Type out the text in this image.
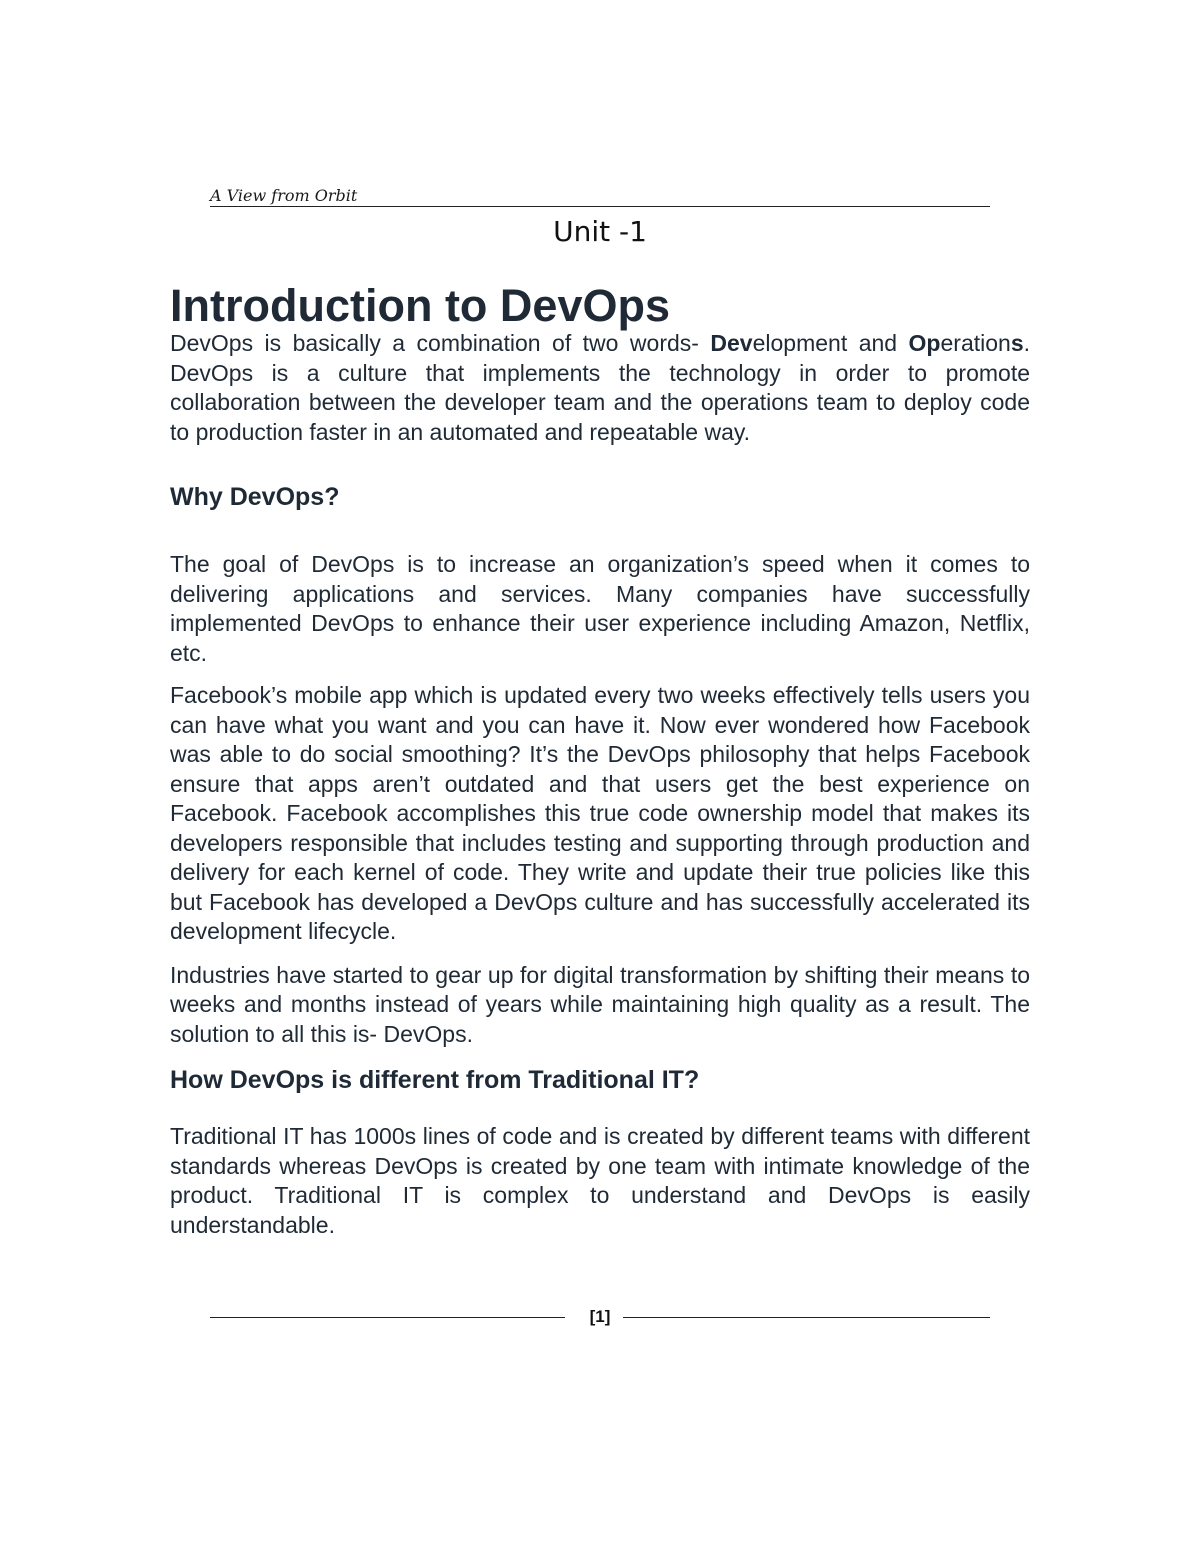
A View from Orbit
Unit -1
Introduction to DevOps

DevOps is basically a combination of two words- Development and Operations. DevOps is a culture that implements the technology in order to promote collaboration between the developer team and the operations team to deploy code to production faster in an automated and repeatable way.

Why DevOps?

The goal of DevOps is to increase an organization’s speed when it comes to delivering applications and services. Many companies have successfully implemented DevOps to enhance their user experience including Amazon, Netflix, etc.

Facebook’s mobile app which is updated every two weeks effectively tells users you can have what you want and you can have it. Now ever wondered how Facebook was able to do social smoothing? It’s the DevOps philosophy that helps Facebook ensure that apps aren’t outdated and that users get the best experience on Facebook. Facebook accomplishes this true code ownership model that makes its developers responsible that includes testing and supporting through production and delivery for each kernel of code. They write and update their true policies like this but Facebook has developed a DevOps culture and has successfully accelerated its development lifecycle.

Industries have started to gear up for digital transformation by shifting their means to weeks and months instead of years while maintaining high quality as a result. The solution to all this is- DevOps.

How DevOps is different from Traditional IT?

Traditional IT has 1000s lines of code and is created by different teams with different standards whereas DevOps is created by one team with intimate knowledge of the product. Traditional IT is complex to understand and DevOps is easily understandable.

[1]
